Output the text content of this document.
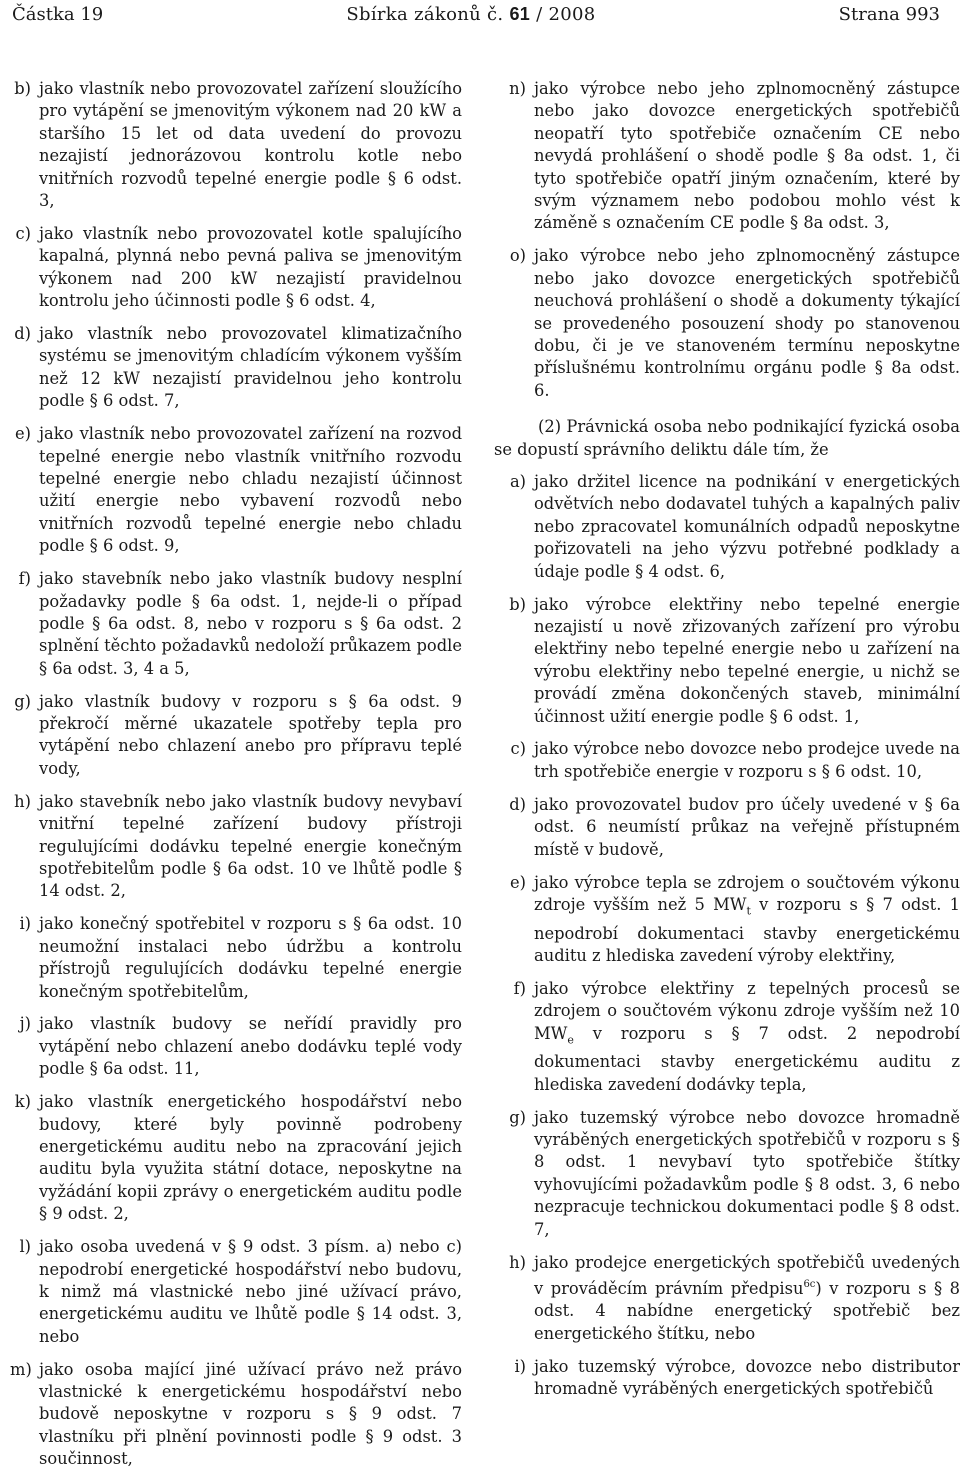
Částka 19	Sbírka zákonů č. 61 / 2008	Strana 993
b) jako vlastník nebo provozovatel zařízení sloužícího pro vytápění se jmenovitým výkonem nad 20 kW a staršího 15 let od data uvedení do provozu nezajistí jednorázovou kontrolu kotle nebo vnitřních rozvodů tepelné energie podle § 6 odst. 3,
c) jako vlastník nebo provozovatel kotle spalujícího kapalná, plynná nebo pevná paliva se jmenovitým výkonem nad 200 kW nezajistí pravidelnou kontrolu jeho účinnosti podle § 6 odst. 4,
d) jako vlastník nebo provozovatel klimatizačního systému se jmenovitým chladícím výkonem vyšším než 12 kW nezajistí pravidelnou jeho kontrolu podle § 6 odst. 7,
e) jako vlastník nebo provozovatel zařízení na rozvod tepelné energie nebo vlastník vnitřního rozvodu tepelné energie nebo chladu nezajistí účinnost užití energie nebo vybavení rozvodů nebo vnitřních rozvodů tepelné energie nebo chladu podle § 6 odst. 9,
f) jako stavebník nebo jako vlastník budovy nesplní požadavky podle § 6a odst. 1, nejde-li o případ podle § 6a odst. 8, nebo v rozporu s § 6a odst. 2 splnění těchto požadavků nedoloží průkazem podle § 6a odst. 3, 4 a 5,
g) jako vlastník budovy v rozporu s § 6a odst. 9 překročí měrné ukazatele spotřeby tepla pro vytápění nebo chlazení anebo pro přípravu teplé vody,
h) jako stavebník nebo jako vlastník budovy nevybaví vnitřní tepelné zařízení budovy přístroji regulujícími dodávku tepelné energie konečným spotřebitelům podle § 6a odst. 10 ve lhůtě podle § 14 odst. 2,
i) jako konečný spotřebitel v rozporu s § 6a odst. 10 neumožní instalaci nebo údržbu a kontrolu přístrojů regulujících dodávku tepelné energie konečným spotřebitelům,
j) jako vlastník budovy se neřídí pravidly pro vytápění nebo chlazení anebo dodávku teplé vody podle § 6a odst. 11,
k) jako vlastník energetického hospodářství nebo budovy, které byly povinně podrobeny energetickému auditu nebo na zpracování jejich auditu byla využita státní dotace, neposkytne na vyžádání kopii zprávy o energetickém auditu podle § 9 odst. 2,
l) jako osoba uvedená v § 9 odst. 3 písm. a) nebo c) nepodrobí energetické hospodářství nebo budovu, k nimž má vlastnické nebo jiné užívací právo, energetickému auditu ve lhůtě podle § 14 odst. 3, nebo
m) jako osoba mající jiné užívací právo než právo vlastnické k energetickému hospodářství nebo budově neposkytne v rozporu s § 9 odst. 7 vlastníku při plnění povinnosti podle § 9 odst. 3 součinnost,
n) jako výrobce nebo jeho zplnomocněný zástupce nebo jako dovozce energetických spotřebičů neopatří tyto spotřebiče označením CE nebo nevydá prohlášení o shodě podle § 8a odst. 1, či tyto spotřebiče opatří jiným označením, které by svým významem nebo podobou mohlo vést k záměně s označením CE podle § 8a odst. 3,
o) jako výrobce nebo jeho zplnomocněný zástupce nebo jako dovozce energetických spotřebičů neuchová prohlášení o shodě a dokumenty týkající se provedeného posouzení shody po stanovenou dobu, či je ve stanoveném termínu neposkytne příslušnému kontrolnímu orgánu podle § 8a odst. 6.
(2) Právnická osoba nebo podnikající fyzická osoba se dopustí správního deliktu dále tím, že
a) jako držitel licence na podnikání v energetických odvětvích nebo dodavatel tuhých a kapalných paliv nebo zpracovatel komunálních odpadů neposkytne pořizovateli na jeho výzvu potřebné podklady a údaje podle § 4 odst. 6,
b) jako výrobce elektřiny nebo tepelné energie nezajistí u nově zřizovaných zařízení pro výrobu elektřiny nebo tepelné energie nebo u zařízení na výrobu elektřiny nebo tepelné energie, u nichž se provádí změna dokončených staveb, minimální účinnost užití energie podle § 6 odst. 1,
c) jako výrobce nebo dovozce nebo prodejce uvede na trh spotřebiče energie v rozporu s § 6 odst. 10,
d) jako provozovatel budov pro účely uvedené v § 6a odst. 6 neumístí průkaz na veřejně přístupném místě v budově,
e) jako výrobce tepla se zdrojem o součtovém výkonu zdroje vyšším než 5 $MW_t$ v rozporu s § 7 odst. 1 nepodrobí dokumentaci stavby energetickému auditu z hlediska zavedení výroby elektřiny,
f) jako výrobce elektřiny z tepelných procesů se zdrojem o součtovém výkonu zdroje vyšším než 10 $MW_e$ v rozporu s § 7 odst. 2 nepodrobí dokumentaci stavby energetickému auditu z hlediska zavedení dodávky tepla,
g) jako tuzemský výrobce nebo dovozce hromadně vyráběných energetických spotřebičů v rozporu s § 8 odst. 1 nevybaví tyto spotřebiče štítky vyhovujícími požadavkům podle § 8 odst. 3, 6 nebo nezpracuje technickou dokumentaci podle § 8 odst. 7,
h) jako prodejce energetických spotřebičů uvedených v prováděcím právním předpisu$^{6c}$) v rozporu s § 8 odst. 4 nabídne energetický spotřebič bez energetického štítku, nebo
i) jako tuzemský výrobce, dovozce nebo distributor hromadně vyráběných energetických spotřebičů
